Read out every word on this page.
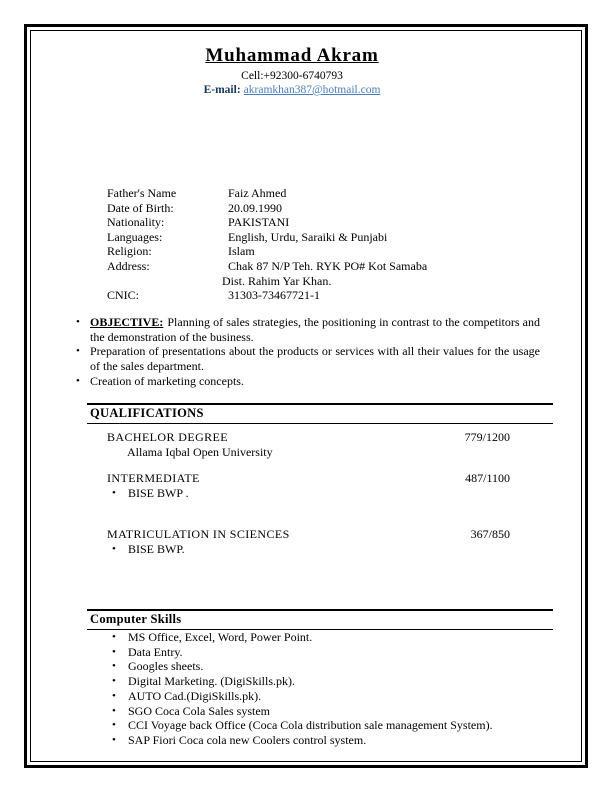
Muhammad Akram
Cell:+92300-6740793
E-mail: akramkhan387@hotmail.com
Father's Name	Faiz Ahmed
Date of Birth:	20.09.1990
Nationality:	PAKISTANI
Languages:	English, Urdu, Saraiki & Punjabi
Religion:	Islam
Address:	Chak 87 N/P Teh. RYK PO# Kot Samaba
Dist. Rahim Yar Khan.
CNIC:	31303-73467721-1
• OBJECTIVE: Planning of sales strategies, the positioning in contrast to the competitors and the demonstration of the business.
• Preparation of presentations about the products or services with all their values for the usage of the sales department.
• Creation of marketing concepts.
QUALIFICATIONS
BACHELOR DEGREE	779/1200
Allama Iqbal Open University
INTERMEDIATE	487/1100
• BISE BWP .
MATRICULATION IN SCIENCES	367/850
• BISE BWP.
Computer Skills
• MS Office, Excel, Word, Power Point.
• Data Entry.
• Googles sheets.
• Digital Marketing. (DigiSkills.pk).
• AUTO Cad.(DigiSkills.pk).
• SGO Coca Cola Sales system
• CCI Voyage back Office (Coca Cola distribution sale management System).
• SAP Fiori Coca cola new Coolers control system.
